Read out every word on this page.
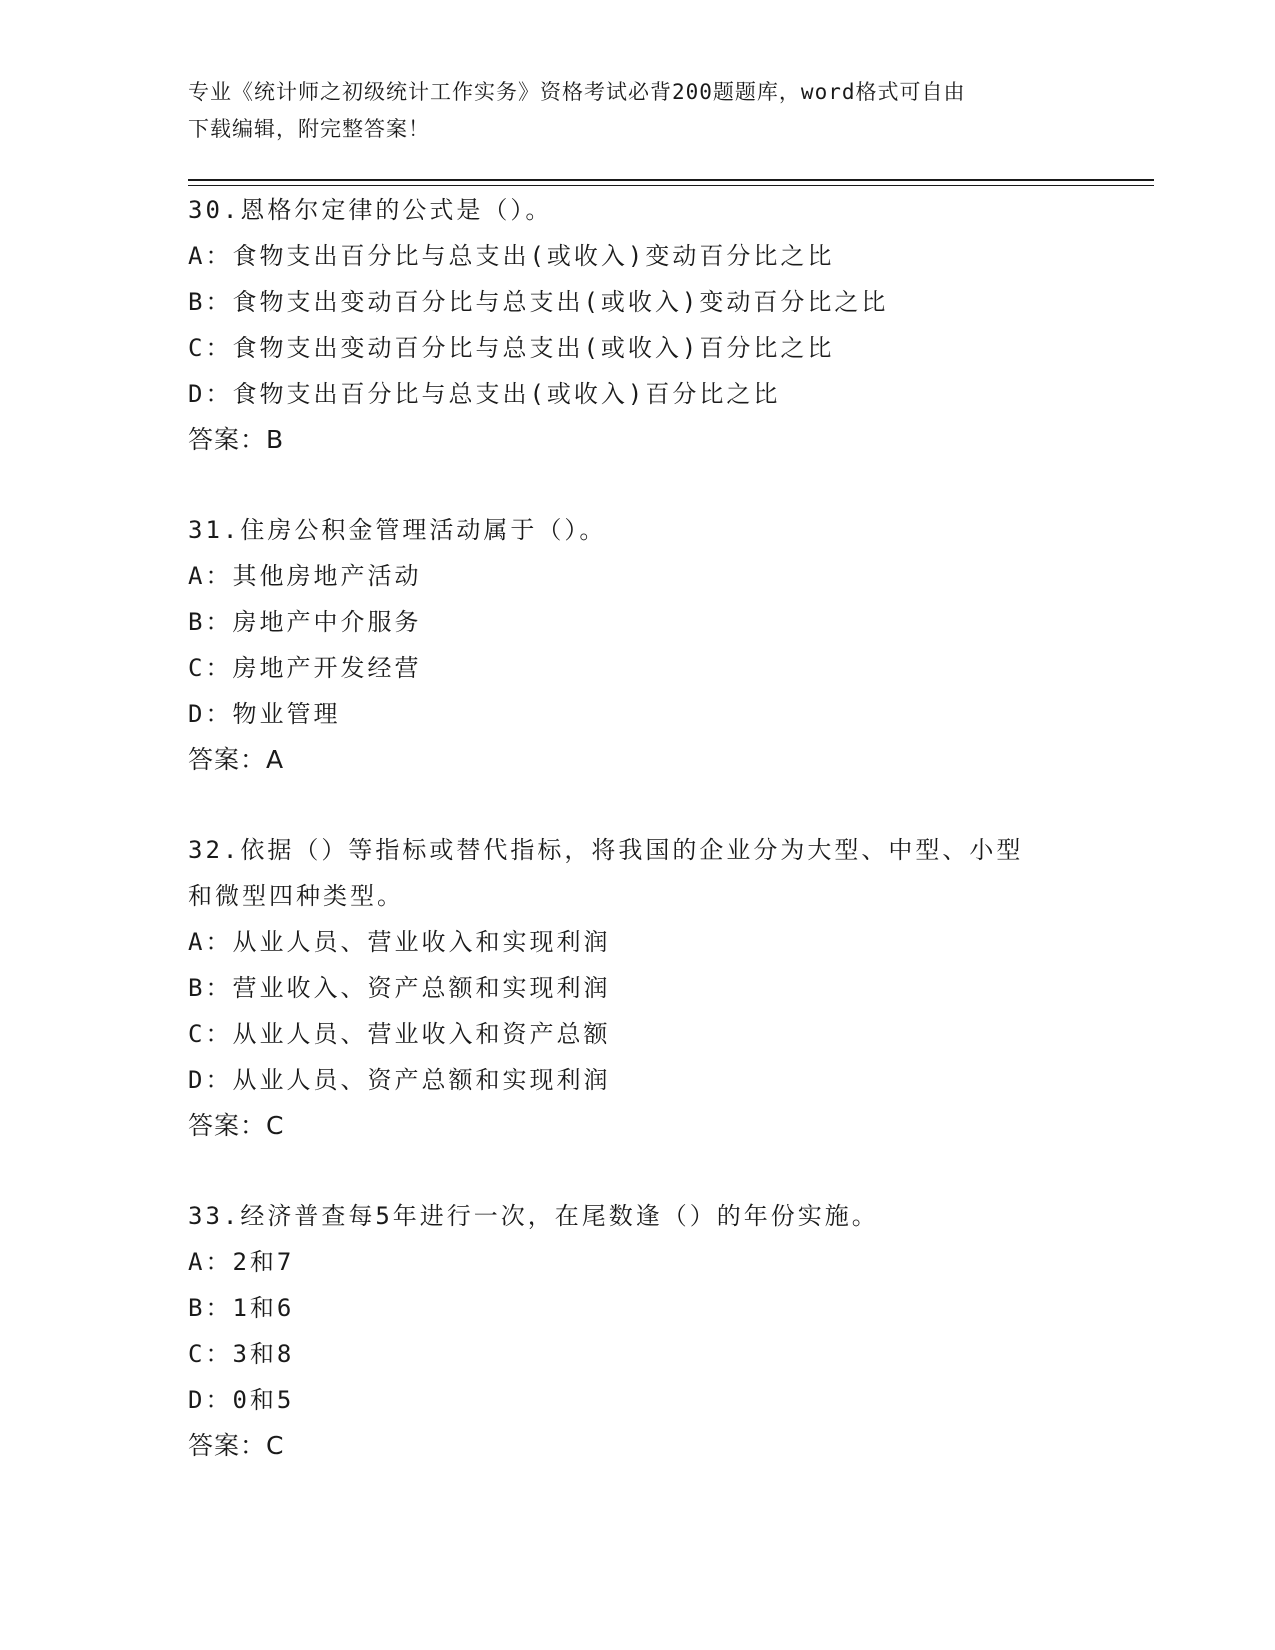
专业《统计师之初级统计工作实务》资格考试必背200题题库，word格式可自由
下载编辑，附完整答案！
30.恩格尔定律的公式是（）。
A：食物支出百分比与总支出(或收入)变动百分比之比
B：食物支出变动百分比与总支出(或收入)变动百分比之比
C：食物支出变动百分比与总支出(或收入)百分比之比
D：食物支出百分比与总支出(或收入)百分比之比
答案：B
31.住房公积金管理活动属于（）。
A：其他房地产活动
B：房地产中介服务
C：房地产开发经营
D：物业管理
答案：A
32.依据（）等指标或替代指标，将我国的企业分为大型、中型、小型
和微型四种类型。
A：从业人员、营业收入和实现利润
B：营业收入、资产总额和实现利润
C：从业人员、营业收入和资产总额
D：从业人员、资产总额和实现利润
答案：C
33.经济普查每5年进行一次，在尾数逢（）的年份实施。
A：2和7
B：1和6
C：3和8
D：0和5
答案：C
